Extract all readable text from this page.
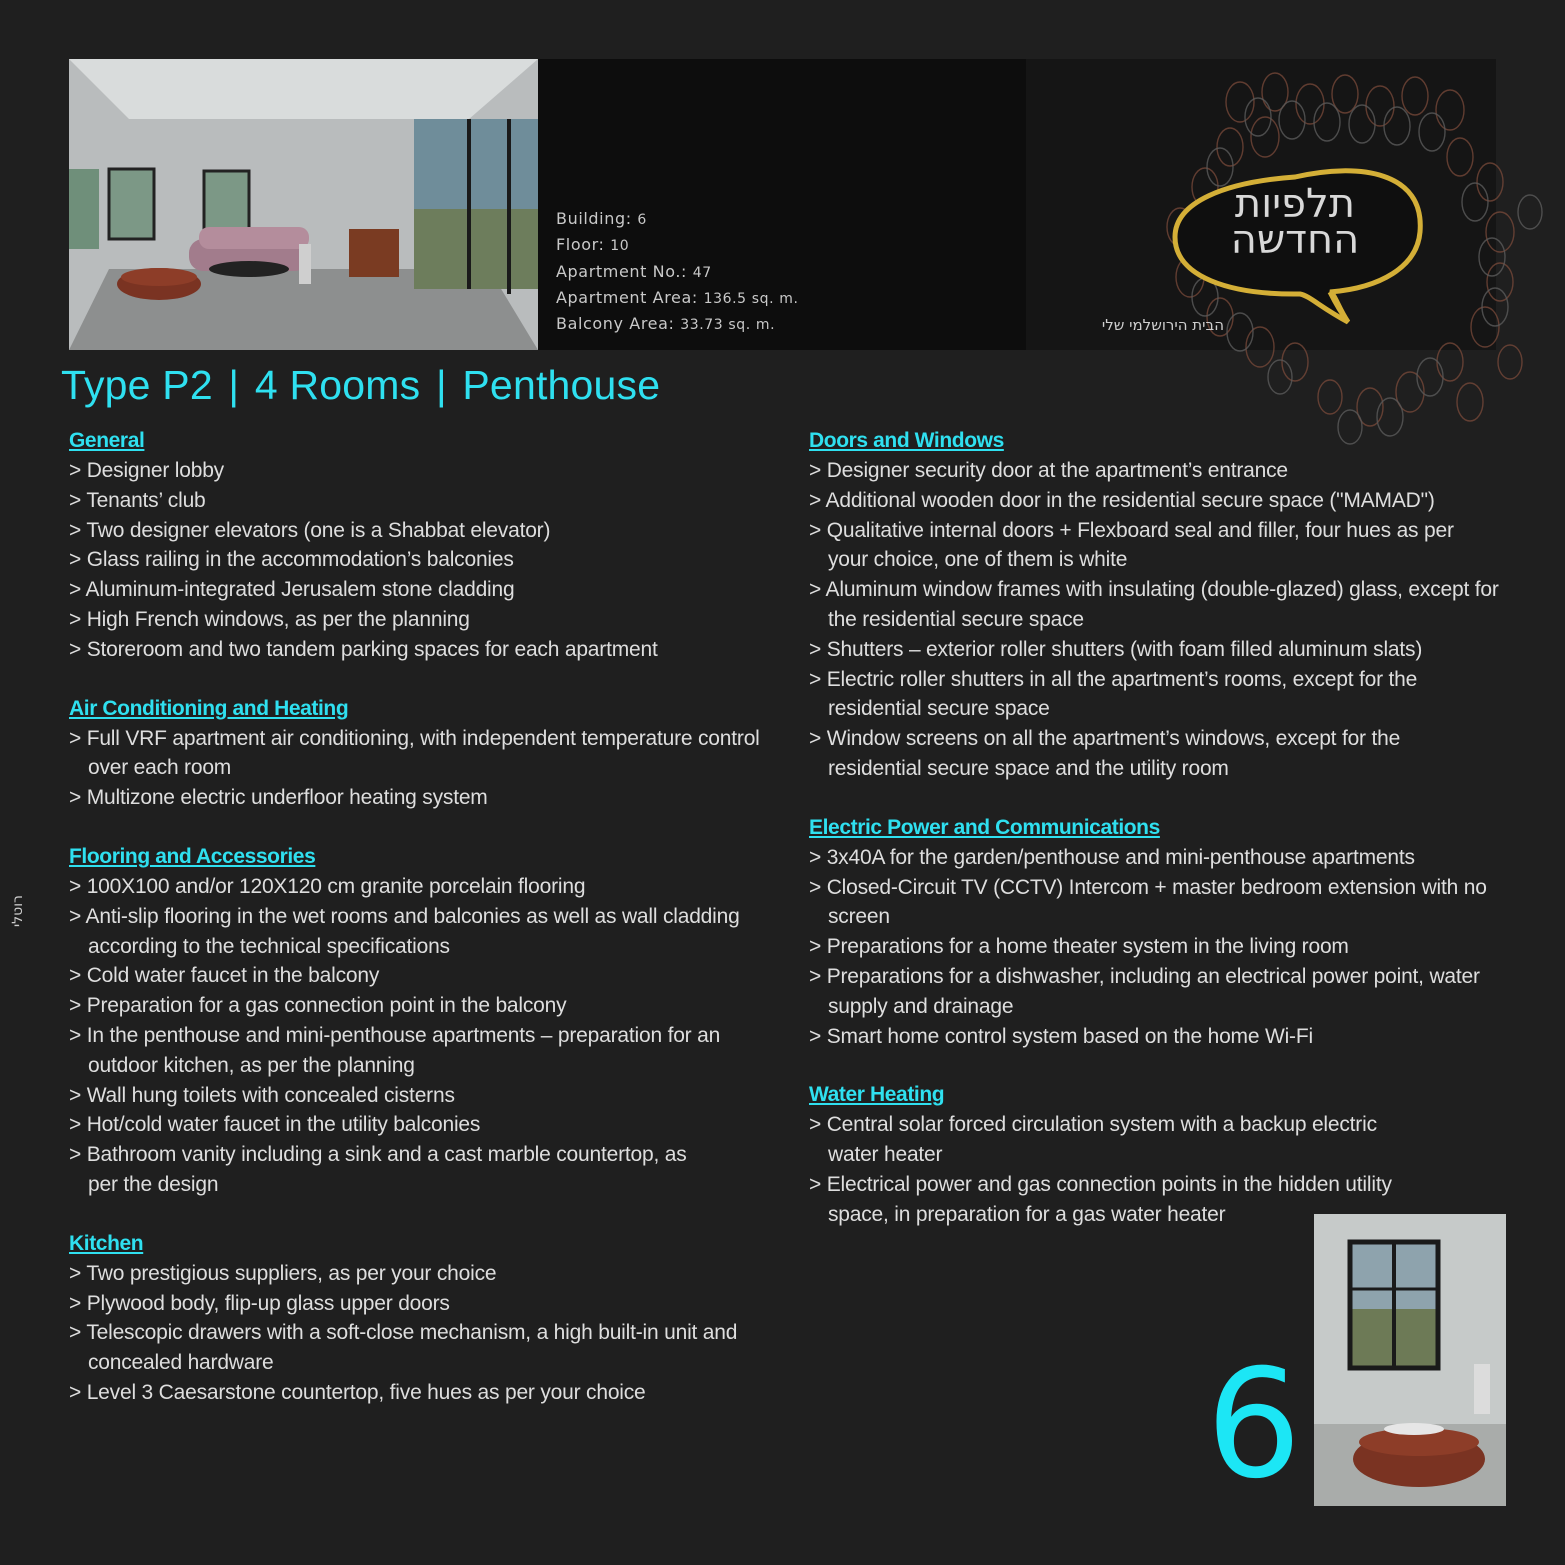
Building: 6
Floor: 10
Apartment No.: 47
Apartment Area: 136.5 sq. m.
Balcony Area: 33.73 sq. m.
תלפיות
החדשה
הבית הירושלמי שלי
Type P2 | 4 Rooms | Penthouse
רוטלי
General
> Designer lobby
> Tenants’ club
> Two designer elevators (one is a Shabbat elevator)
> Glass railing in the accommodation’s balconies
> Aluminum-integrated Jerusalem stone cladding
> High French windows, as per the planning
> Storeroom and two tandem parking spaces for each apartment
Air Conditioning and Heating
> Full VRF apartment air conditioning, with independent temperature control over each room
> Multizone electric underfloor heating system
Flooring and Accessories
> 100X100 and/or 120X120 cm granite porcelain flooring
> Anti-slip flooring in the wet rooms and balconies as well as wall cladding according to the technical specifications
> Cold water faucet in the balcony
> Preparation for a gas connection point in the balcony
> In the penthouse and mini-penthouse apartments – preparation for an outdoor kitchen, as per the planning
> Wall hung toilets with concealed cisterns
> Hot/cold water faucet in the utility balconies
> Bathroom vanity including a sink and a cast marble countertop, as per the design
Kitchen
> Two prestigious suppliers, as per your choice
> Plywood body, flip-up glass upper doors
> Telescopic drawers with a soft-close mechanism, a high built-in unit and concealed hardware
> Level 3 Caesarstone countertop, five hues as per your choice
Doors and Windows
> Designer security door at the apartment’s entrance
> Additional wooden door in the residential secure space ("MAMAD")
> Qualitative internal doors + Flexboard seal and filler, four hues as per your choice, one of them is white
> Aluminum window frames with insulating (double-glazed) glass, except for the residential secure space
> Shutters – exterior roller shutters (with foam filled aluminum slats)
> Electric roller shutters in all the apartment’s rooms, except for the residential secure space
> Window screens on all the apartment’s windows, except for the residential secure space and the utility room
Electric Power and Communications
> 3x40A for the garden/penthouse and mini-penthouse apartments
> Closed-Circuit TV (CCTV) Intercom + master bedroom extension with no screen
> Preparations for a home theater system in the living room
> Preparations for a dishwasher, including an electrical power point, water supply and drainage
> Smart home control system based on the home Wi-Fi
Water Heating
> Central solar forced circulation system with a backup electric water heater
> Electrical power and gas connection points in the hidden utility space, in preparation for a gas water heater
6
